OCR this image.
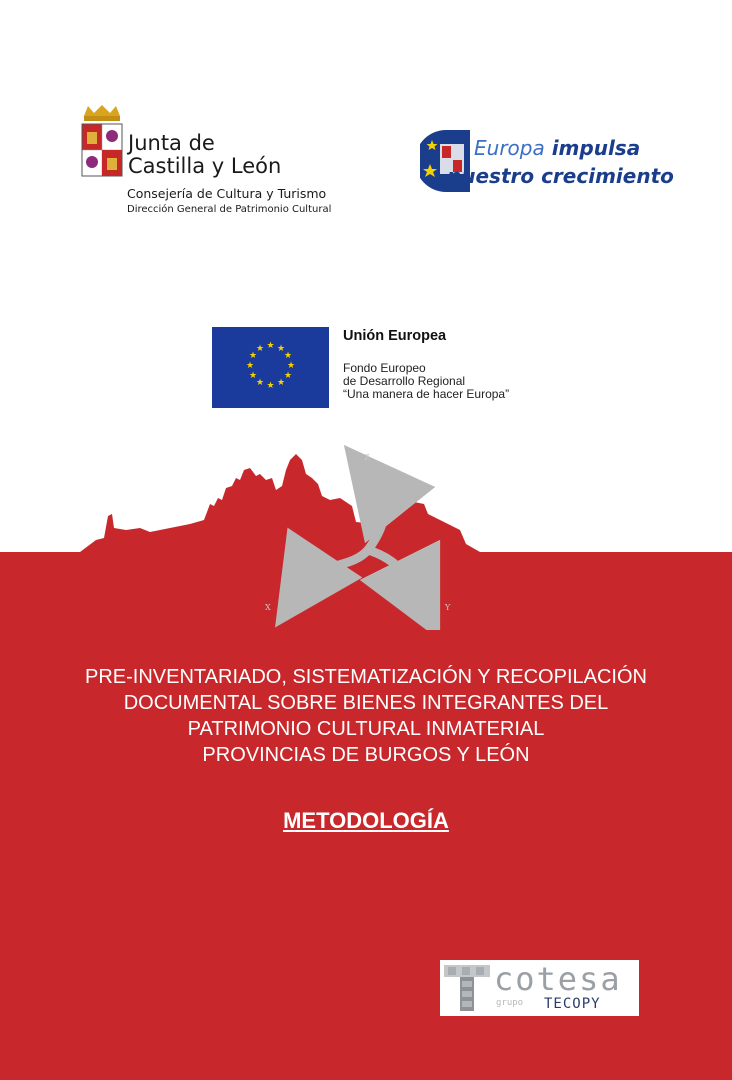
Junta de
Castilla y León
Consejería de Cultura y Turismo
Dirección General de Patrimonio Cultural
Europa impulsa
nuestro crecimiento
★ ★
★
★
★
★
★
★
★
★
★
★
Unión Europea
Fondo Europeo
de Desarrollo Regional
“Una manera de hacer Europa”
Z
X	Y
PRE-INVENTARIADO, SISTEMATIZACIÓN Y RECOPILACIÓN
DOCUMENTAL SOBRE BIENES INTEGRANTES DEL
PATRIMONIO CULTURAL INMATERIAL
PROVINCIAS DE BURGOS Y LEÓN
METODOLOGÍA
cotesa
grupo TECOPY
